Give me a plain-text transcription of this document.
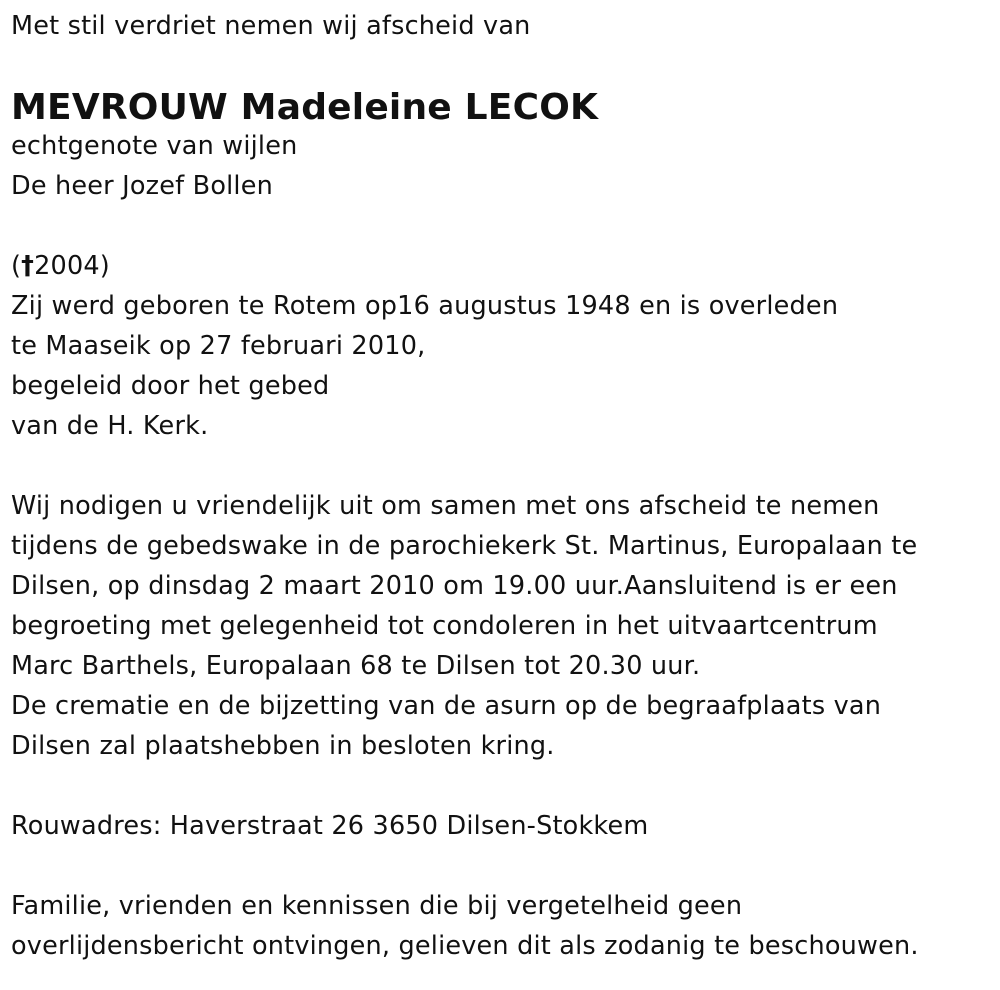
Met stil verdriet nemen wij afscheid van
MEVROUW Madeleine LECOK
echtgenote van wijlen
De heer Jozef Bollen
(†2004)
Zij werd geboren te Rotem op16 augustus 1948 en is overleden
te Maaseik op 27 februari 2010,
begeleid door het gebed
van de H. Kerk.
Wij nodigen u vriendelijk uit om samen met ons afscheid te nemen
tijdens de gebedswake in de parochiekerk St. Martinus, Europalaan te
Dilsen, op dinsdag 2 maart 2010 om 19.00 uur.Aansluitend is er een
begroeting met gelegenheid tot condoleren in het uitvaartcentrum
Marc Barthels, Europalaan 68 te Dilsen tot 20.30 uur.
De crematie en de bijzetting van de asurn op de begraafplaats van
Dilsen zal plaatshebben in besloten kring.
Rouwadres: Haverstraat 26 3650 Dilsen-Stokkem
Familie, vrienden en kennissen die bij vergetelheid geen
overlijdensbericht ontvingen, gelieven dit als zodanig te beschouwen.
